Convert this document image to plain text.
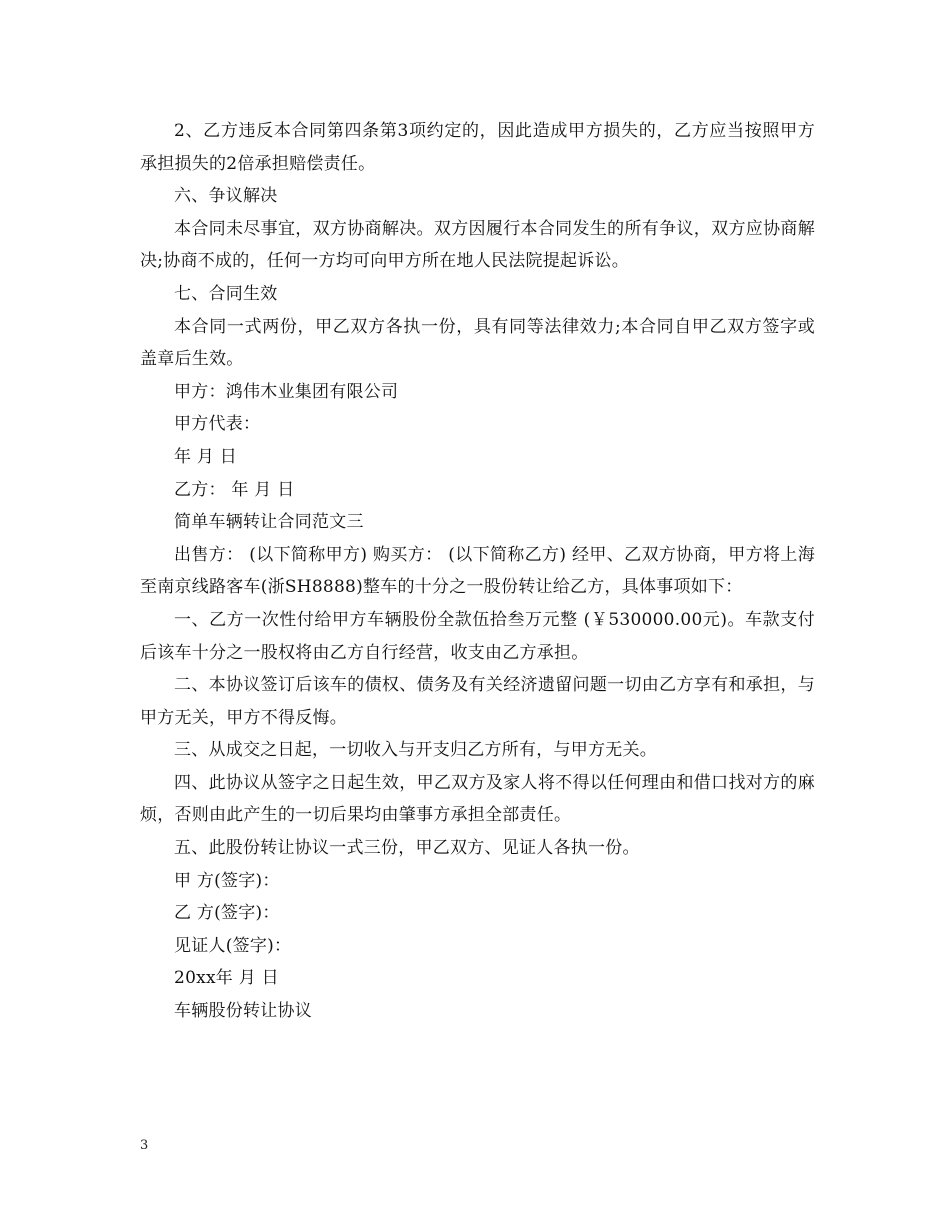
2、乙方违反本合同第四条第3项约定的，因此造成甲方损失的，乙方应当按照甲方承担损失的2倍承担赔偿责任。

六、争议解决

本合同未尽事宜，双方协商解决。双方因履行本合同发生的所有争议，双方应协商解决;协商不成的，任何一方均可向甲方所在地人民法院提起诉讼。

七、合同生效

本合同一式两份，甲乙双方各执一份，具有同等法律效力;本合同自甲乙双方签字或盖章后生效。

甲方：鸿伟木业集团有限公司

甲方代表：

年 月 日

乙方： 年 月 日

简单车辆转让合同范文三

出售方： (以下简称甲方) 购买方： (以下简称乙方) 经甲、乙双方协商，甲方将上海至南京线路客车(浙SH8888)整车的十分之一股份转让给乙方，具体事项如下：

一、乙方一次性付给甲方车辆股份全款伍拾叁万元整 (￥530000.00元)。车款支付后该车十分之一股权将由乙方自行经营，收支由乙方承担。

二、本协议签订后该车的债权、债务及有关经济遗留问题一切由乙方享有和承担，与甲方无关，甲方不得反悔。

三、从成交之日起，一切收入与开支归乙方所有，与甲方无关。

四、此协议从签字之日起生效，甲乙双方及家人将不得以任何理由和借口找对方的麻烦，否则由此产生的一切后果均由肇事方承担全部责任。

五、此股份转让协议一式三份，甲乙双方、见证人各执一份。

甲 方(签字)：

乙 方(签字)：

见证人(签字)：

20xx年 月 日

车辆股份转让协议

3
